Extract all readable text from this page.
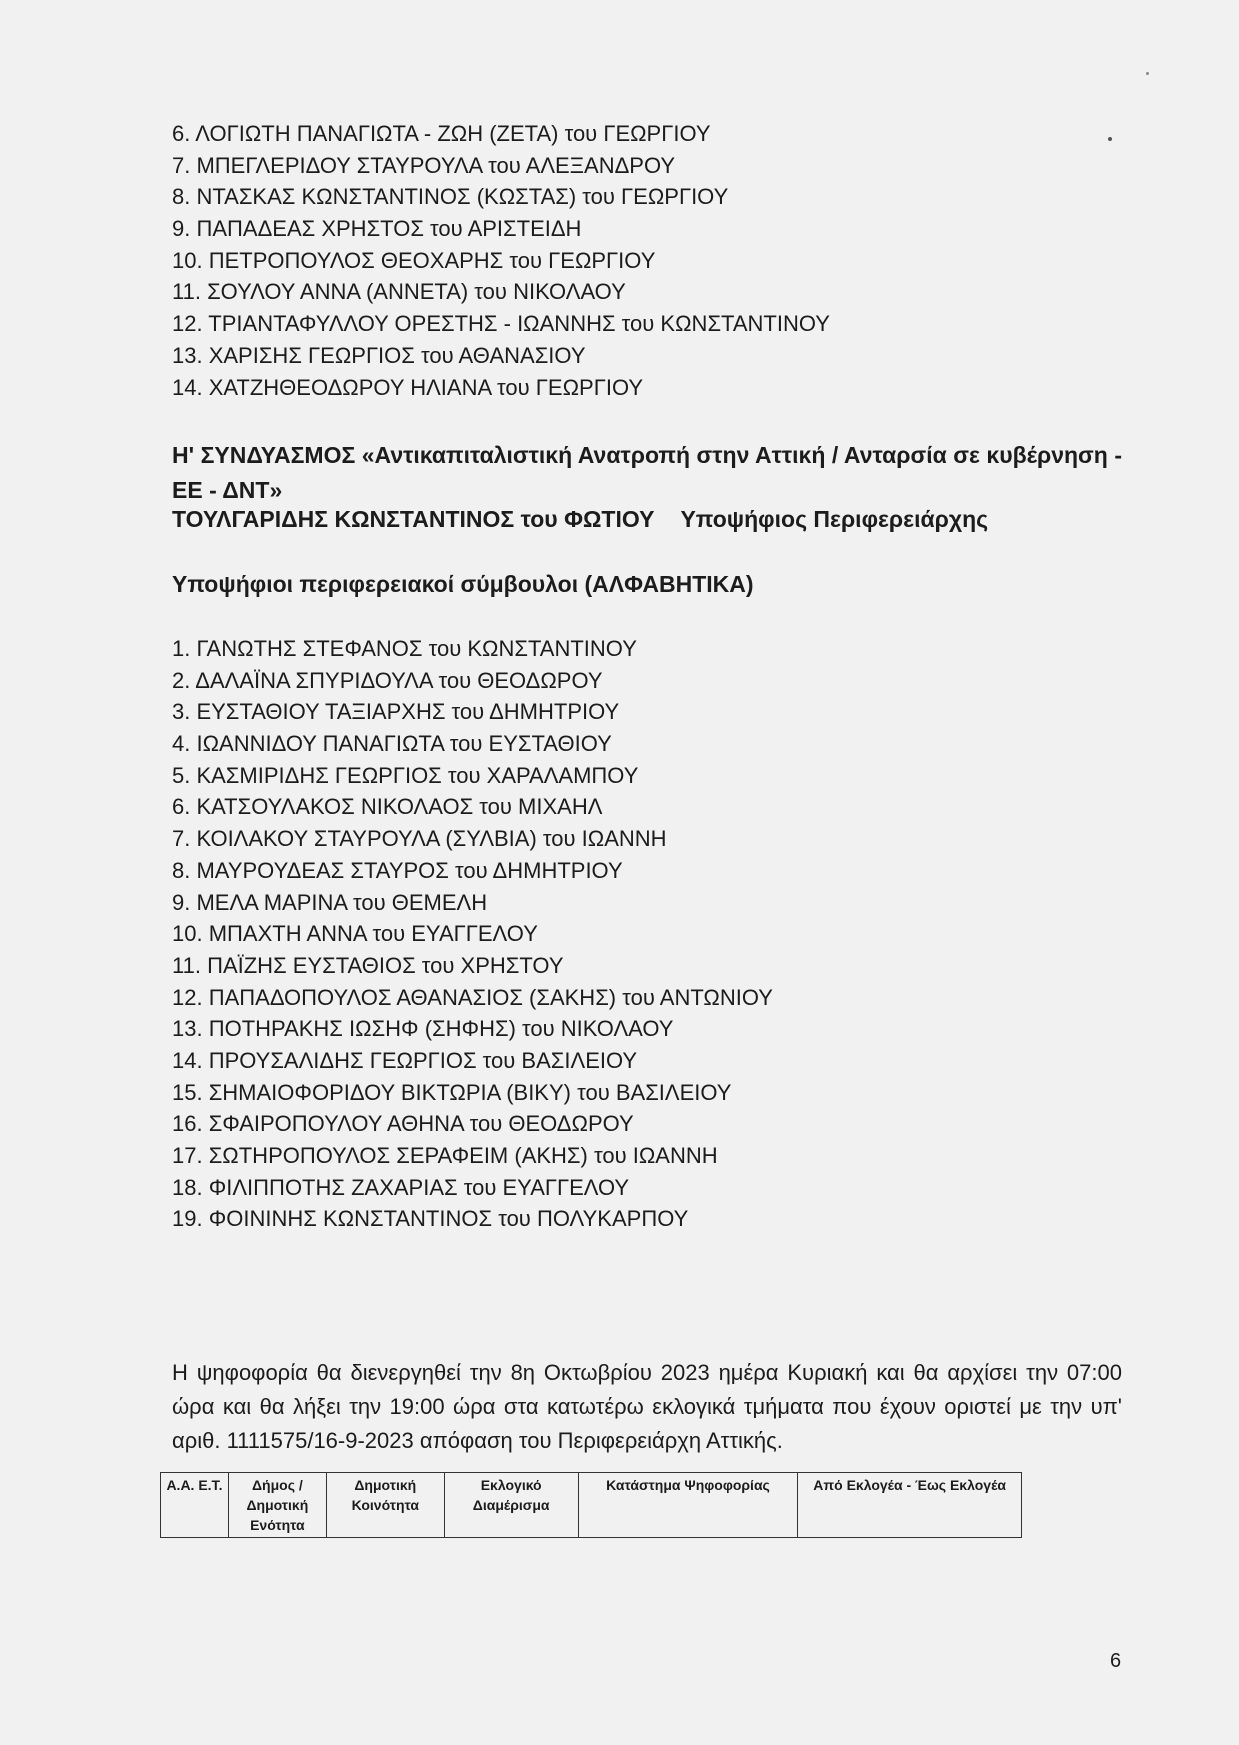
6. ΛΟΓΙΩΤΗ ΠΑΝΑΓΙΩΤΑ - ΖΩΗ (ΖΕΤΑ) του ΓΕΩΡΓΙΟΥ
7. ΜΠΕΓΛΕΡΙΔΟΥ ΣΤΑΥΡΟΥΛΑ του ΑΛΕΞΑΝΔΡΟΥ
8. ΝΤΑΣΚΑΣ ΚΩΝΣΤΑΝΤΙΝΟΣ (ΚΩΣΤΑΣ) του ΓΕΩΡΓΙΟΥ
9. ΠΑΠΑΔΕΑΣ ΧΡΗΣΤΟΣ του ΑΡΙΣΤΕΙΔΗ
10. ΠΕΤΡΟΠΟΥΛΟΣ ΘΕΟΧΑΡΗΣ του ΓΕΩΡΓΙΟΥ
11. ΣΟΥΛΟΥ ΑΝΝΑ (ΑΝΝΕΤΑ) του ΝΙΚΟΛΑΟΥ
12. ΤΡΙΑΝΤΑΦΥΛΛΟΥ ΟΡΕΣΤΗΣ - ΙΩΑΝΝΗΣ του ΚΩΝΣΤΑΝΤΙΝΟΥ
13. ΧΑΡΙΣΗΣ ΓΕΩΡΓΙΟΣ του ΑΘΑΝΑΣΙΟΥ
14. ΧΑΤΖΗΘΕΟΔΩΡΟΥ ΗΛΙΑΝΑ του ΓΕΩΡΓΙΟΥ
Η' ΣΥΝΔΥΑΣΜΟΣ «Αντικαπιταλιστική Ανατροπή στην Αττική / Ανταρσία σε κυβέρνηση - ΕΕ - ΔΝΤ»
ΤΟΥΛΓΑΡΙΔΗΣ ΚΩΝΣΤΑΝΤΙΝΟΣ του ΦΩΤΙΟΥ Υποψήφιος Περιφερειάρχης
Υποψήφιοι περιφερειακοί σύμβουλοι (ΑΛΦΑΒΗΤΙΚΑ)
1. ΓΑΝΩΤΗΣ ΣΤΕΦΑΝΟΣ του ΚΩΝΣΤΑΝΤΙΝΟΥ
2. ΔΑΛΑΪΝΑ ΣΠΥΡΙΔΟΥΛΑ του ΘΕΟΔΩΡΟΥ
3. ΕΥΣΤΑΘΙΟΥ ΤΑΞΙΑΡΧΗΣ του ΔΗΜΗΤΡΙΟΥ
4. ΙΩΑΝΝΙΔΟΥ ΠΑΝΑΓΙΩΤΑ του ΕΥΣΤΑΘΙΟΥ
5. ΚΑΣΜΙΡΙΔΗΣ ΓΕΩΡΓΙΟΣ του ΧΑΡΑΛΑΜΠΟΥ
6. ΚΑΤΣΟΥΛΑΚΟΣ ΝΙΚΟΛΑΟΣ του ΜΙΧΑΗΛ
7. ΚΟΙΛΑΚΟΥ ΣΤΑΥΡΟΥΛΑ (ΣΥΛΒΙΑ) του ΙΩΑΝΝΗ
8. ΜΑΥΡΟΥΔΕΑΣ ΣΤΑΥΡΟΣ του ΔΗΜΗΤΡΙΟΥ
9. ΜΕΛΑ ΜΑΡΙΝΑ του ΘΕΜΕΛΗ
10. ΜΠΑΧΤΗ ΑΝΝΑ του ΕΥΑΓΓΕΛΟΥ
11. ΠΑΪΖΗΣ ΕΥΣΤΑΘΙΟΣ του ΧΡΗΣΤΟΥ
12. ΠΑΠΑΔΟΠΟΥΛΟΣ ΑΘΑΝΑΣΙΟΣ (ΣΑΚΗΣ) του ΑΝΤΩΝΙΟΥ
13. ΠΟΤΗΡΑΚΗΣ ΙΩΣΗΦ (ΣΗΦΗΣ) του ΝΙΚΟΛΑΟΥ
14. ΠΡΟΥΣΑΛΙΔΗΣ ΓΕΩΡΓΙΟΣ του ΒΑΣΙΛΕΙΟΥ
15. ΣΗΜΑΙΟΦΟΡΙΔΟΥ ΒΙΚΤΩΡΙΑ (ΒΙΚΥ) του ΒΑΣΙΛΕΙΟΥ
16. ΣΦΑΙΡΟΠΟΥΛΟΥ ΑΘΗΝΑ του ΘΕΟΔΩΡΟΥ
17. ΣΩΤΗΡΟΠΟΥΛΟΣ ΣΕΡΑΦΕΙΜ (ΑΚΗΣ) του ΙΩΑΝΝΗ
18. ΦΙΛΙΠΠΟΤΗΣ ΖΑΧΑΡΙΑΣ του ΕΥΑΓΓΕΛΟΥ
19. ΦΟΙΝΙΝΗΣ ΚΩΝΣΤΑΝΤΙΝΟΣ του ΠΟΛΥΚΑΡΠΟΥ

Η ψηφοφορία θα διενεργηθεί την 8η Οκτωβρίου 2023 ημέρα Κυριακή και θα αρχίσει την 07:00 ώρα και θα λήξει την 19:00 ώρα στα κατωτέρω εκλογικά τμήματα που έχουν οριστεί με την υπ' αριθ. 1111575/16-9-2023 απόφαση του Περιφερειάρχη Αττικής.

Α.Α. Ε.Τ.	Δήμος / Δημοτική Ενότητα	Δημοτική Κοινότητα	Εκλογικό Διαμέρισμα	Κατάστημα Ψηφοφορίας	Από Εκλογέα - Έως Εκλογέα
6
